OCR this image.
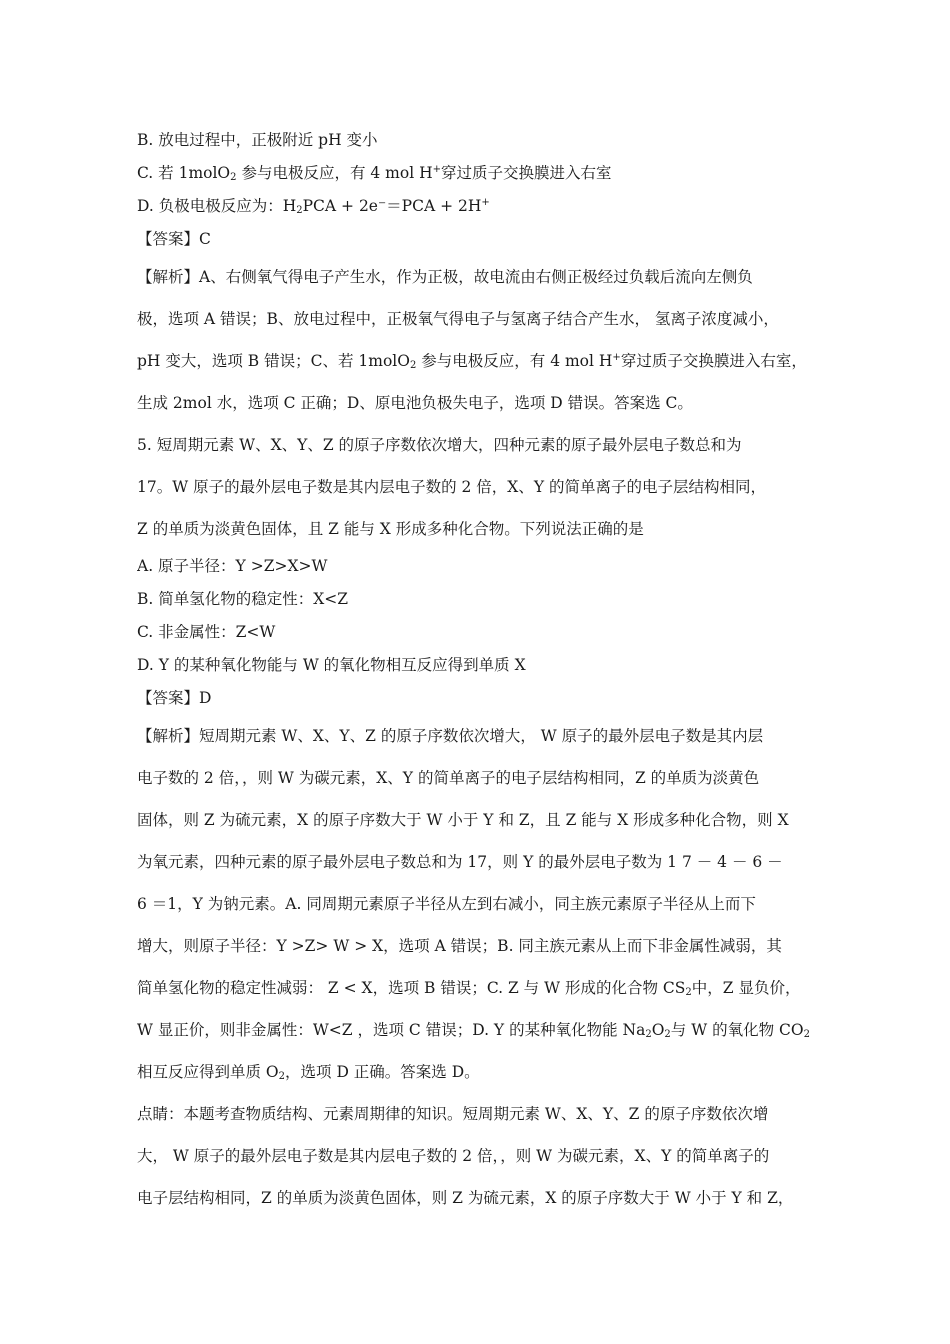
B. 放电过程中，正极附近 pH 变小
C. 若 1molO$_2$ 参与电极反应，有 4 mol H+穿过质子交换膜进入右室
D. 负极电极反应为：$H_2PCA + 2e^-=PCA + 2H^+$
【答案】C
【解析】A、右侧氧气得电子产生水，作为正极，故电流由右侧正极经过负载后流向左侧负
极，选项 A 错误；B、放电过程中，正极氧气得电子与氢离子结合产生水， 氢离子浓度减小，
pH 变大，选项 B 错误；C、若 1molO$_2$ 参与电极反应，有 4 mol H+穿过质子交换膜进入右室，
生成 2mol 水，选项 C 正确；D、原电池负极失电子，选项 D 错误。答案选 C。
5. 短周期元素 W、X、Y、Z 的原子序数依次增大，四种元素的原子最外层电子数总和为
17。W 原子的最外层电子数是其内层电子数的 2 倍，X、Y 的简单离子的电子层结构相同，
Z 的单质为淡黄色固体，且 Z 能与 X 形成多种化合物。下列说法正确的是
A. 原子半径：Y >Z>X>W
B. 简单氢化物的稳定性：X<Z
C. 非金属性：Z<W
D. Y 的某种氧化物能与 W 的氧化物相互反应得到单质 X
【答案】D
【解析】短周期元素 W、X、Y、Z 的原子序数依次增大， W 原子的最外层电子数是其内层
电子数的 2 倍，，则 W 为碳元素，X、Y 的简单离子的电子层结构相同，Z 的单质为淡黄色
固体，则 Z 为硫元素，X 的原子序数大于 W 小于 Y 和 Z，且 Z 能与 X 形成多种化合物，则 X
为氧元素，四种元素的原子最外层电子数总和为 17，则 Y 的最外层电子数为 1 7 － 4 － 6 －
6 ＝1，Y 为钠元素。A. 同周期元素原子半径从左到右减小，同主族元素原子半径从上而下
增大，则原子半径：Y >Z> W > X，选项 A 错误；B. 同主族元素从上而下非金属性减弱，其
简单氢化物的稳定性减弱： Z < X，选项 B 错误；C. Z 与 W 形成的化合物 $CS_2$中，Z 显负价，
W 显正价，则非金属性：W<Z ，选项 C 错误；D. Y 的某种氧化物能 $Na_2O_2$与 W 的氧化物 $CO_2$
相互反应得到单质 $O_2$，选项 D 正确。答案选 D。
点睛：本题考查物质结构、元素周期律的知识。短周期元素 W、X、Y、Z 的原子序数依次增
大， W 原子的最外层电子数是其内层电子数的 2 倍，，则 W 为碳元素，X、Y 的简单离子的
电子层结构相同，Z 的单质为淡黄色固体，则 Z 为硫元素，X 的原子序数大于 W 小于 Y 和 Z，
